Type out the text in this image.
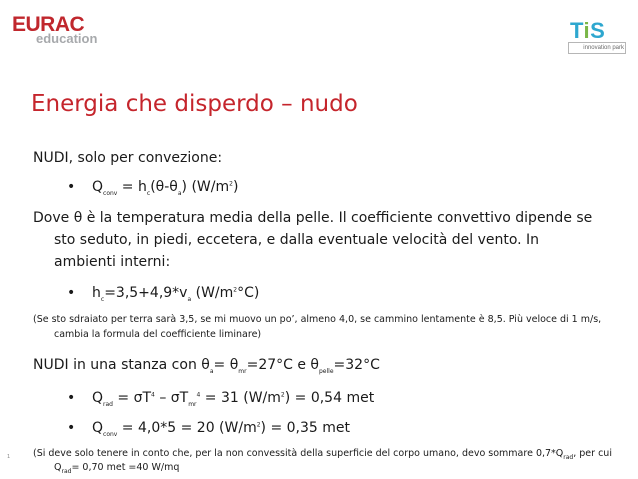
EURAC
education	TiS
innovation park
Energia che disperdo – nudo
NUDI, solo per convezione:
• $Q_{conv} = h_c(\theta-\theta_a)$ $(W/m^2)$
Dove θ è la temperatura media della pelle. Il coefficiente convettivo dipende se
sto seduto, in piedi, eccetera, e dalla eventuale velocità del vento. In
ambienti interni:
• $h_c=3,5+4,9*v_a$ $(W/m^2^\circ C)$
(Se sto sdraiato per terra sarà 3,5, se mi muovo un po’, almeno 4,0, se cammino lentamente è 8,5. Più veloce di 1 m/s,
cambia la formula del coefficiente liminare)
NUDI in una stanza con $\theta_a= \theta_{mr}=27^\circ C$ e $\theta_{pelle}=32^\circ C$
• $Q_{rad} = \sigma T^4 - \sigma T_{mr}^4 = 31$ $(W/m^2) = 0,54$ met
• $Q_{conv} = 4,0*5 = 20$ $(W/m^2) = 0,35$ met
(Si deve solo tenere in conto che, per la non convessità della superficie del corpo umano, devo sommare $0,7*Q_{rad}$, per cui
$Q_{rad}= 0,70$ met =40 W/mq
1
